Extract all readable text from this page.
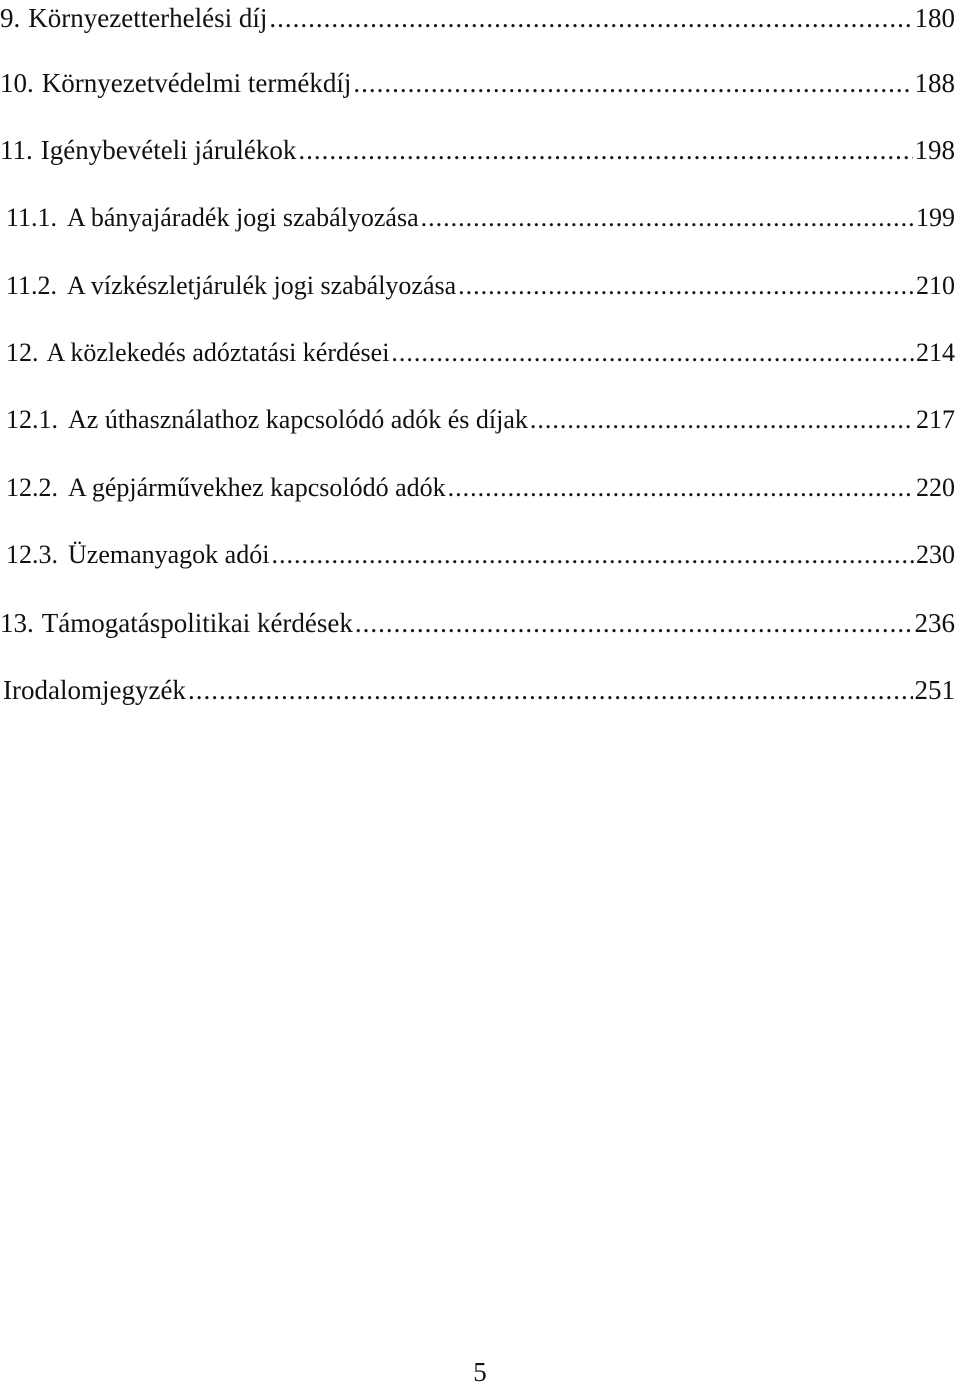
9. Környezetterhelési díj .....	180
10. Környezetvédelmi termékdíj .....	188
11. Igénybevételi járulékok .....	198
11.1. A bányajáradék jogi szabályozása .....	199
11.2. A vízkészletjárulék jogi szabályozása .....	210
12. A közlekedés adóztatási kérdései .....	214
12.1. Az úthasználathoz kapcsolódó adók és díjak .....	217
12.2. A gépjárművekhez kapcsolódó adók .....	220
12.3. Üzemanyagok adói .....	230
13. Támogatáspolitikai kérdések .....	236
Irodalomjegyzék .....	251
5
